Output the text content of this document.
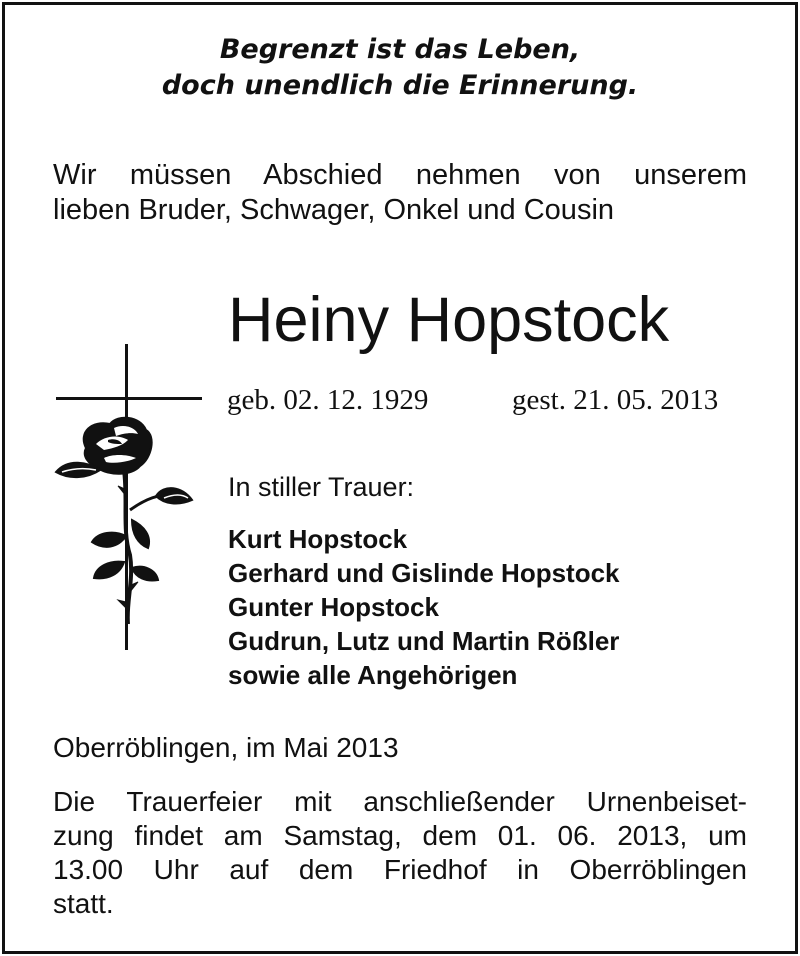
Begrenzt ist das Leben,
doch unendlich die Erinnerung.
Wir müssen Abschied nehmen von unserem
lieben Bruder, Schwager, Onkel und Cousin
Heiny Hopstock
geb. 02. 12. 1929	gest. 21. 05. 2013
In stiller Trauer:
Kurt Hopstock
Gerhard und Gislinde Hopstock
Gunter Hopstock
Gudrun, Lutz und Martin Rößler
sowie alle Angehörigen
Oberröblingen, im Mai 2013
Die Trauerfeier mit anschließender Urnenbeiset-
zung findet am Samstag, dem 01. 06. 2013, um
13.00 Uhr auf dem Friedhof in Oberröblingen
statt.
